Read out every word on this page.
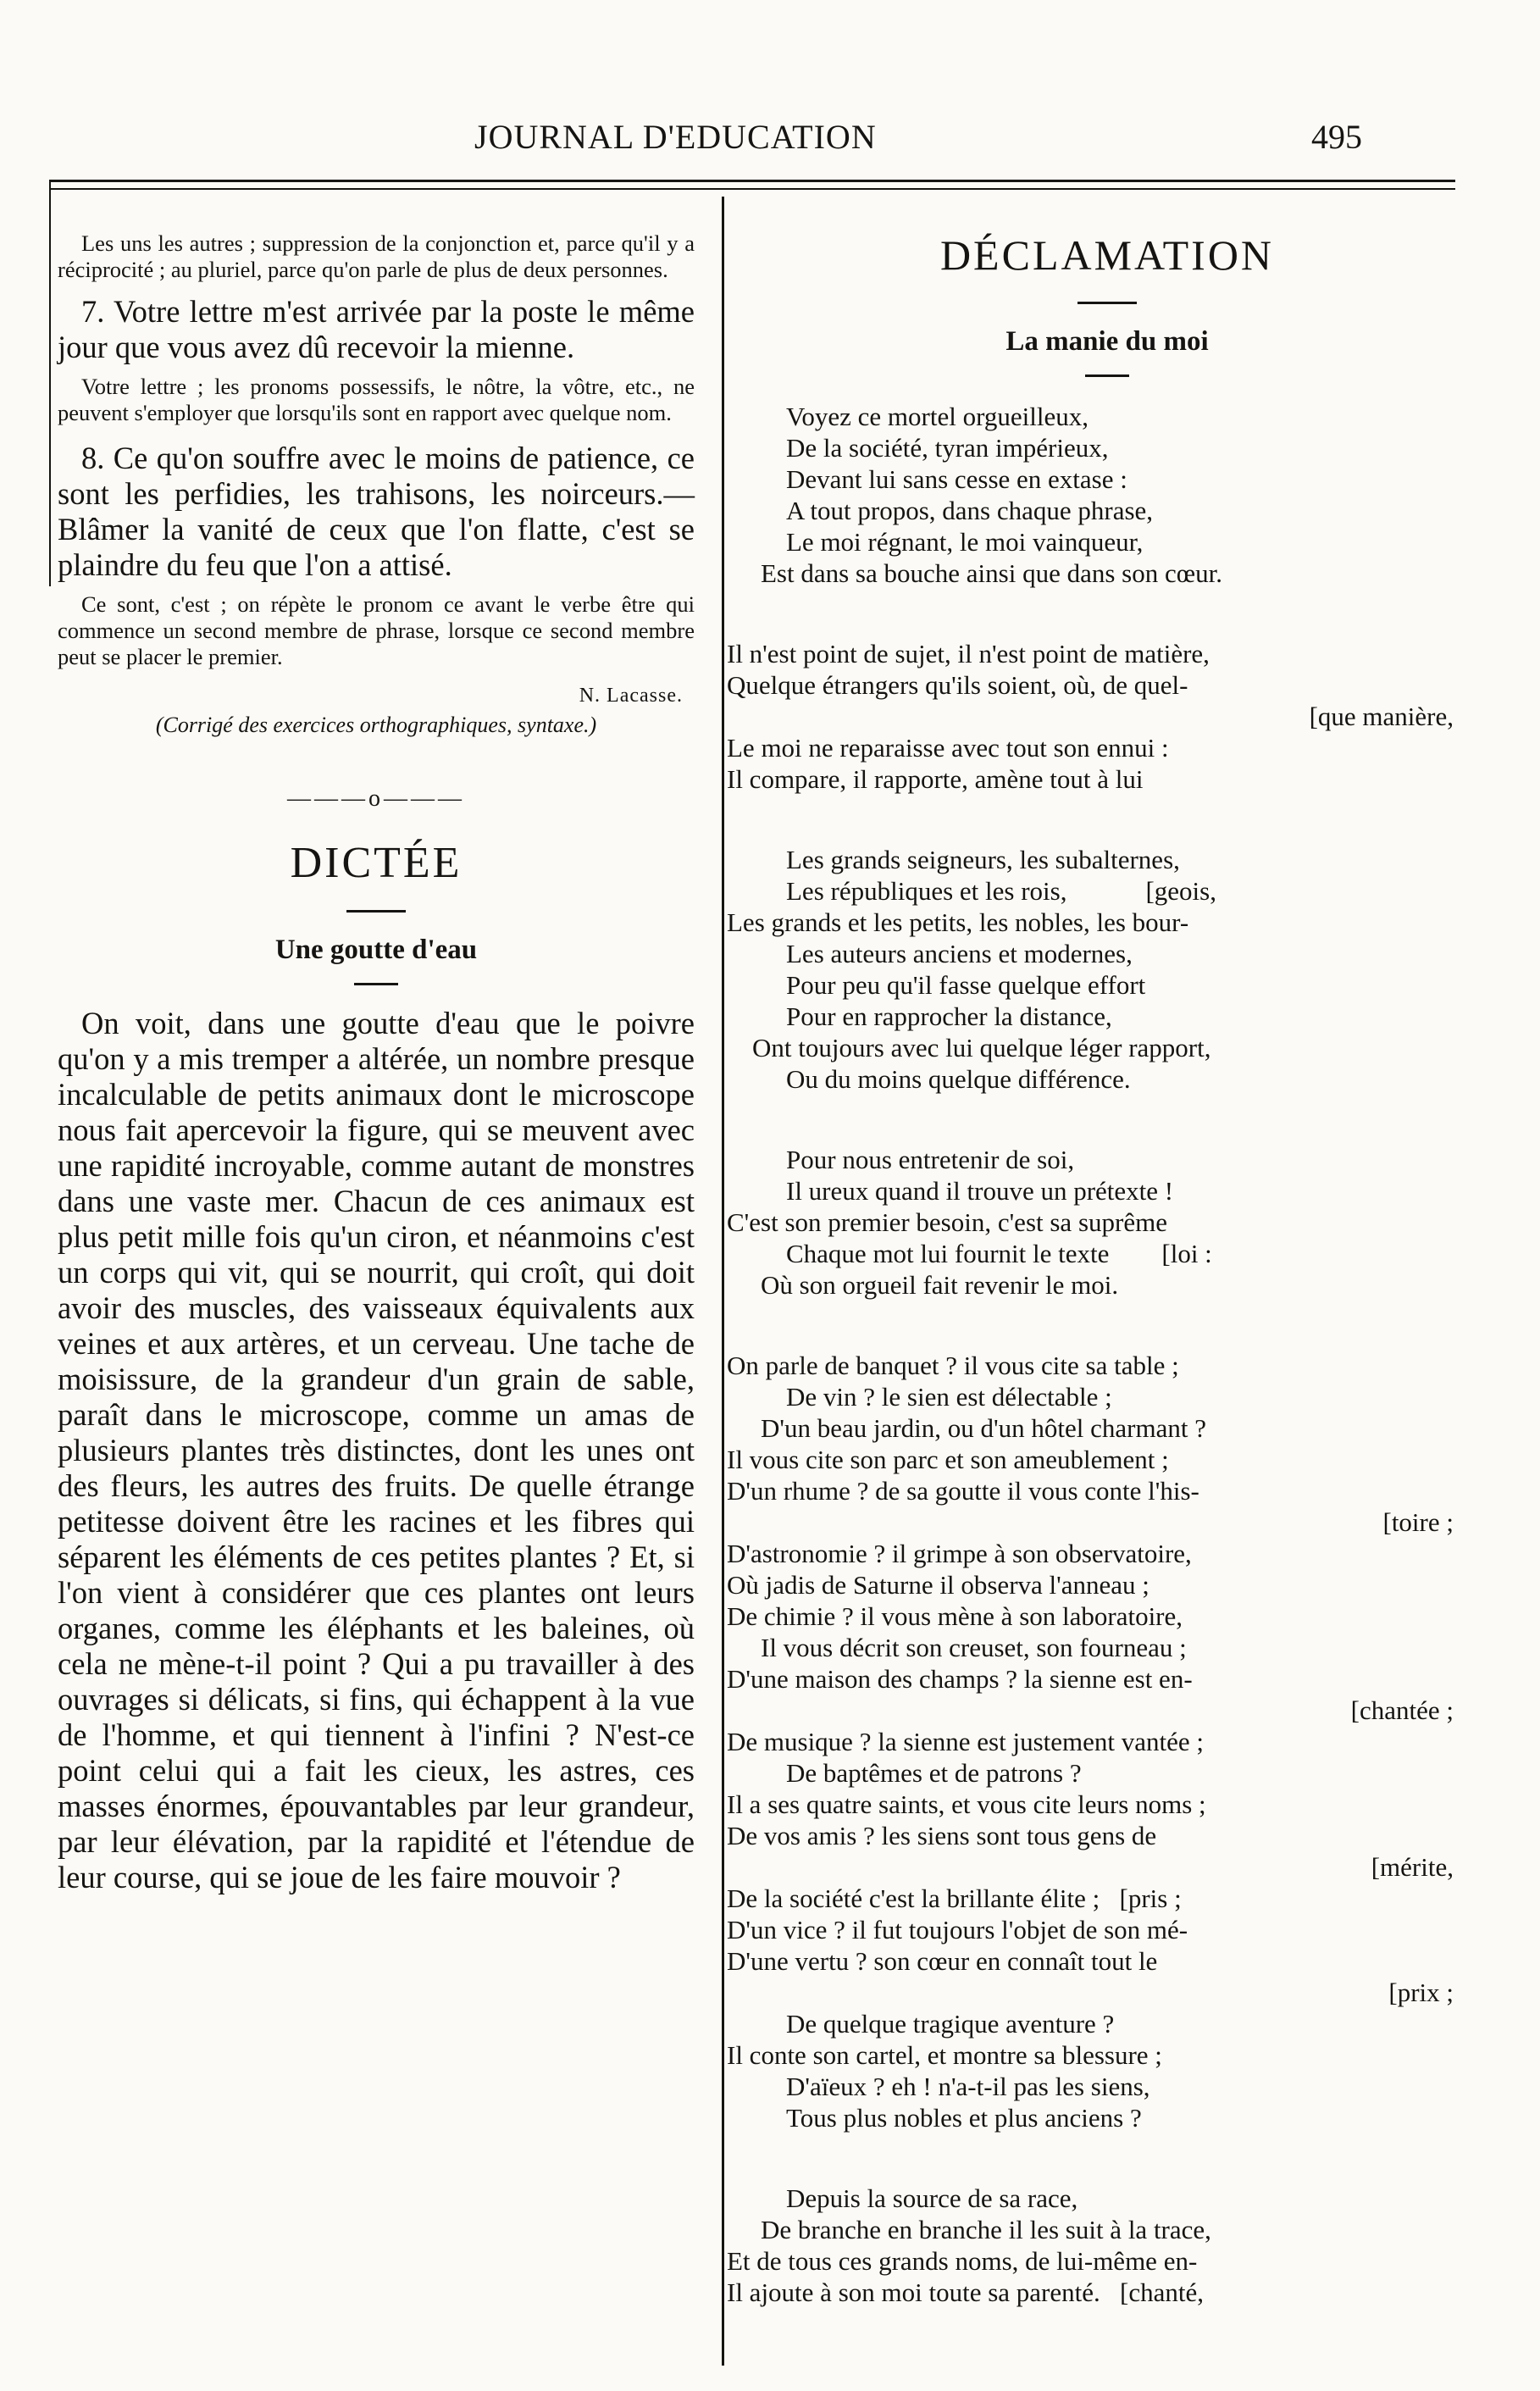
JOURNAL D'EDUCATION	495

Les uns les autres ; suppression de la conjonction et, parce qu'il y a réciprocité ; au pluriel, parce qu'on parle de plus de deux personnes.

7. Votre lettre m'est arrivée par la poste le même jour que vous avez dû recevoir la mienne.

Votre lettre ; les pronoms possessifs, le nôtre, la vôtre, etc., ne peuvent s'employer que lorsqu'ils sont en rapport avec quelque nom.

8. Ce qu'on souffre avec le moins de patience, ce sont les perfidies, les trahisons, les noirceurs.—Blâmer la vanité de ceux que l'on flatte, c'est se plaindre du feu que l'on a attisé.

Ce sont, c'est ; on répète le pronom ce avant le verbe être qui commence un second membre de phrase, lorsque ce second membre peut se placer le premier.

N. Lacasse.

(Corrigé des exercices orthographiques, syntaxe.)

———o———
DICTÉE

Une goutte d'eau

On voit, dans une goutte d'eau que le poivre qu'on y a mis tremper a altérée, un nombre presque incalculable de petits animaux dont le microscope nous fait apercevoir la figure, qui se meuvent avec une rapidité incroyable, comme autant de monstres dans une vaste mer. Chacun de ces animaux est plus petit mille fois qu'un ciron, et néanmoins c'est un corps qui vit, qui se nourrit, qui croît, qui doit avoir des muscles, des vaisseaux équivalents aux veines et aux artères, et un cerveau. Une tache de moisissure, de la grandeur d'un grain de sable, paraît dans le microscope, comme un amas de plusieurs plantes très distinctes, dont les unes ont des fleurs, les autres des fruits. De quelle étrange petitesse doivent être les racines et les fibres qui séparent les éléments de ces petites plantes ? Et, si l'on vient à considérer que ces plantes ont leurs organes, comme les éléphants et les baleines, où cela ne mène-t-il point ? Qui a pu travailler à des ouvrages si délicats, si fins, qui échappent à la vue de l'homme, et qui tiennent à l'infini ? N'est-ce point celui qui a fait les cieux, les astres, ces masses énormes, épouvantables par leur grandeur, par leur élévation, par la rapidité et l'étendue de leur course, qui se joue de les faire mouvoir ?

DÉCLAMATION

La manie du moi

Voyez ce mortel orgueilleux,
De la société, tyran impérieux,
Devant lui sans cesse en extase :
A tout propos, dans chaque phrase,
Le moi régnant, le moi vainqueur,
Est dans sa bouche ainsi que dans son cœur.
Il n'est point de sujet, il n'est point de matière,
Quelque étrangers qu'ils soient, où, de quel-
[que manière,
Le moi ne reparaisse avec tout son ennui :
Il compare, il rapporte, amène tout à lui
Les grands seigneurs, les subalternes,
Les républiques et les rois,            [geois,
Les grands et les petits, les nobles, les bour-
Les auteurs anciens et modernes,
Pour peu qu'il fasse quelque effort
Pour en rapprocher la distance,
Ont toujours avec lui quelque léger rapport,
Ou du moins quelque différence.
Pour nous entretenir de soi,
Il ureux quand il trouve un prétexte !
C'est son premier besoin, c'est sa suprême
Chaque mot lui fournit le texte        [loi :
Où son orgueil fait revenir le moi.
On parle de banquet ? il vous cite sa table ;
De vin ? le sien est délectable ;
D'un beau jardin, ou d'un hôtel charmant ?
Il vous cite son parc et son ameublement ;
D'un rhume ? de sa goutte il vous conte l'his-
[toire ;
D'astronomie ? il grimpe à son observatoire,
Où jadis de Saturne il observa l'anneau ;
De chimie ? il vous mène à son laboratoire,
Il vous décrit son creuset, son fourneau ;
D'une maison des champs ? la sienne est en-
[chantée ;
De musique ? la sienne est justement vantée ;
De baptêmes et de patrons ?
Il a ses quatre saints, et vous cite leurs noms ;
De vos amis ? les siens sont tous gens de
[mérite,
De la société c'est la brillante élite ;   [pris ;
D'un vice ? il fut toujours l'objet de son mé-
D'une vertu ? son cœur en connaît tout le
[prix ;
De quelque tragique aventure ?
Il conte son cartel, et montre sa blessure ;
D'aïeux ? eh ! n'a-t-il pas les siens,
Tous plus nobles et plus anciens ?
Depuis la source de sa race,
De branche en branche il les suit à la trace,
Et de tous ces grands noms, de lui-même en-
Il ajoute à son moi toute sa parenté.   [chanté,
